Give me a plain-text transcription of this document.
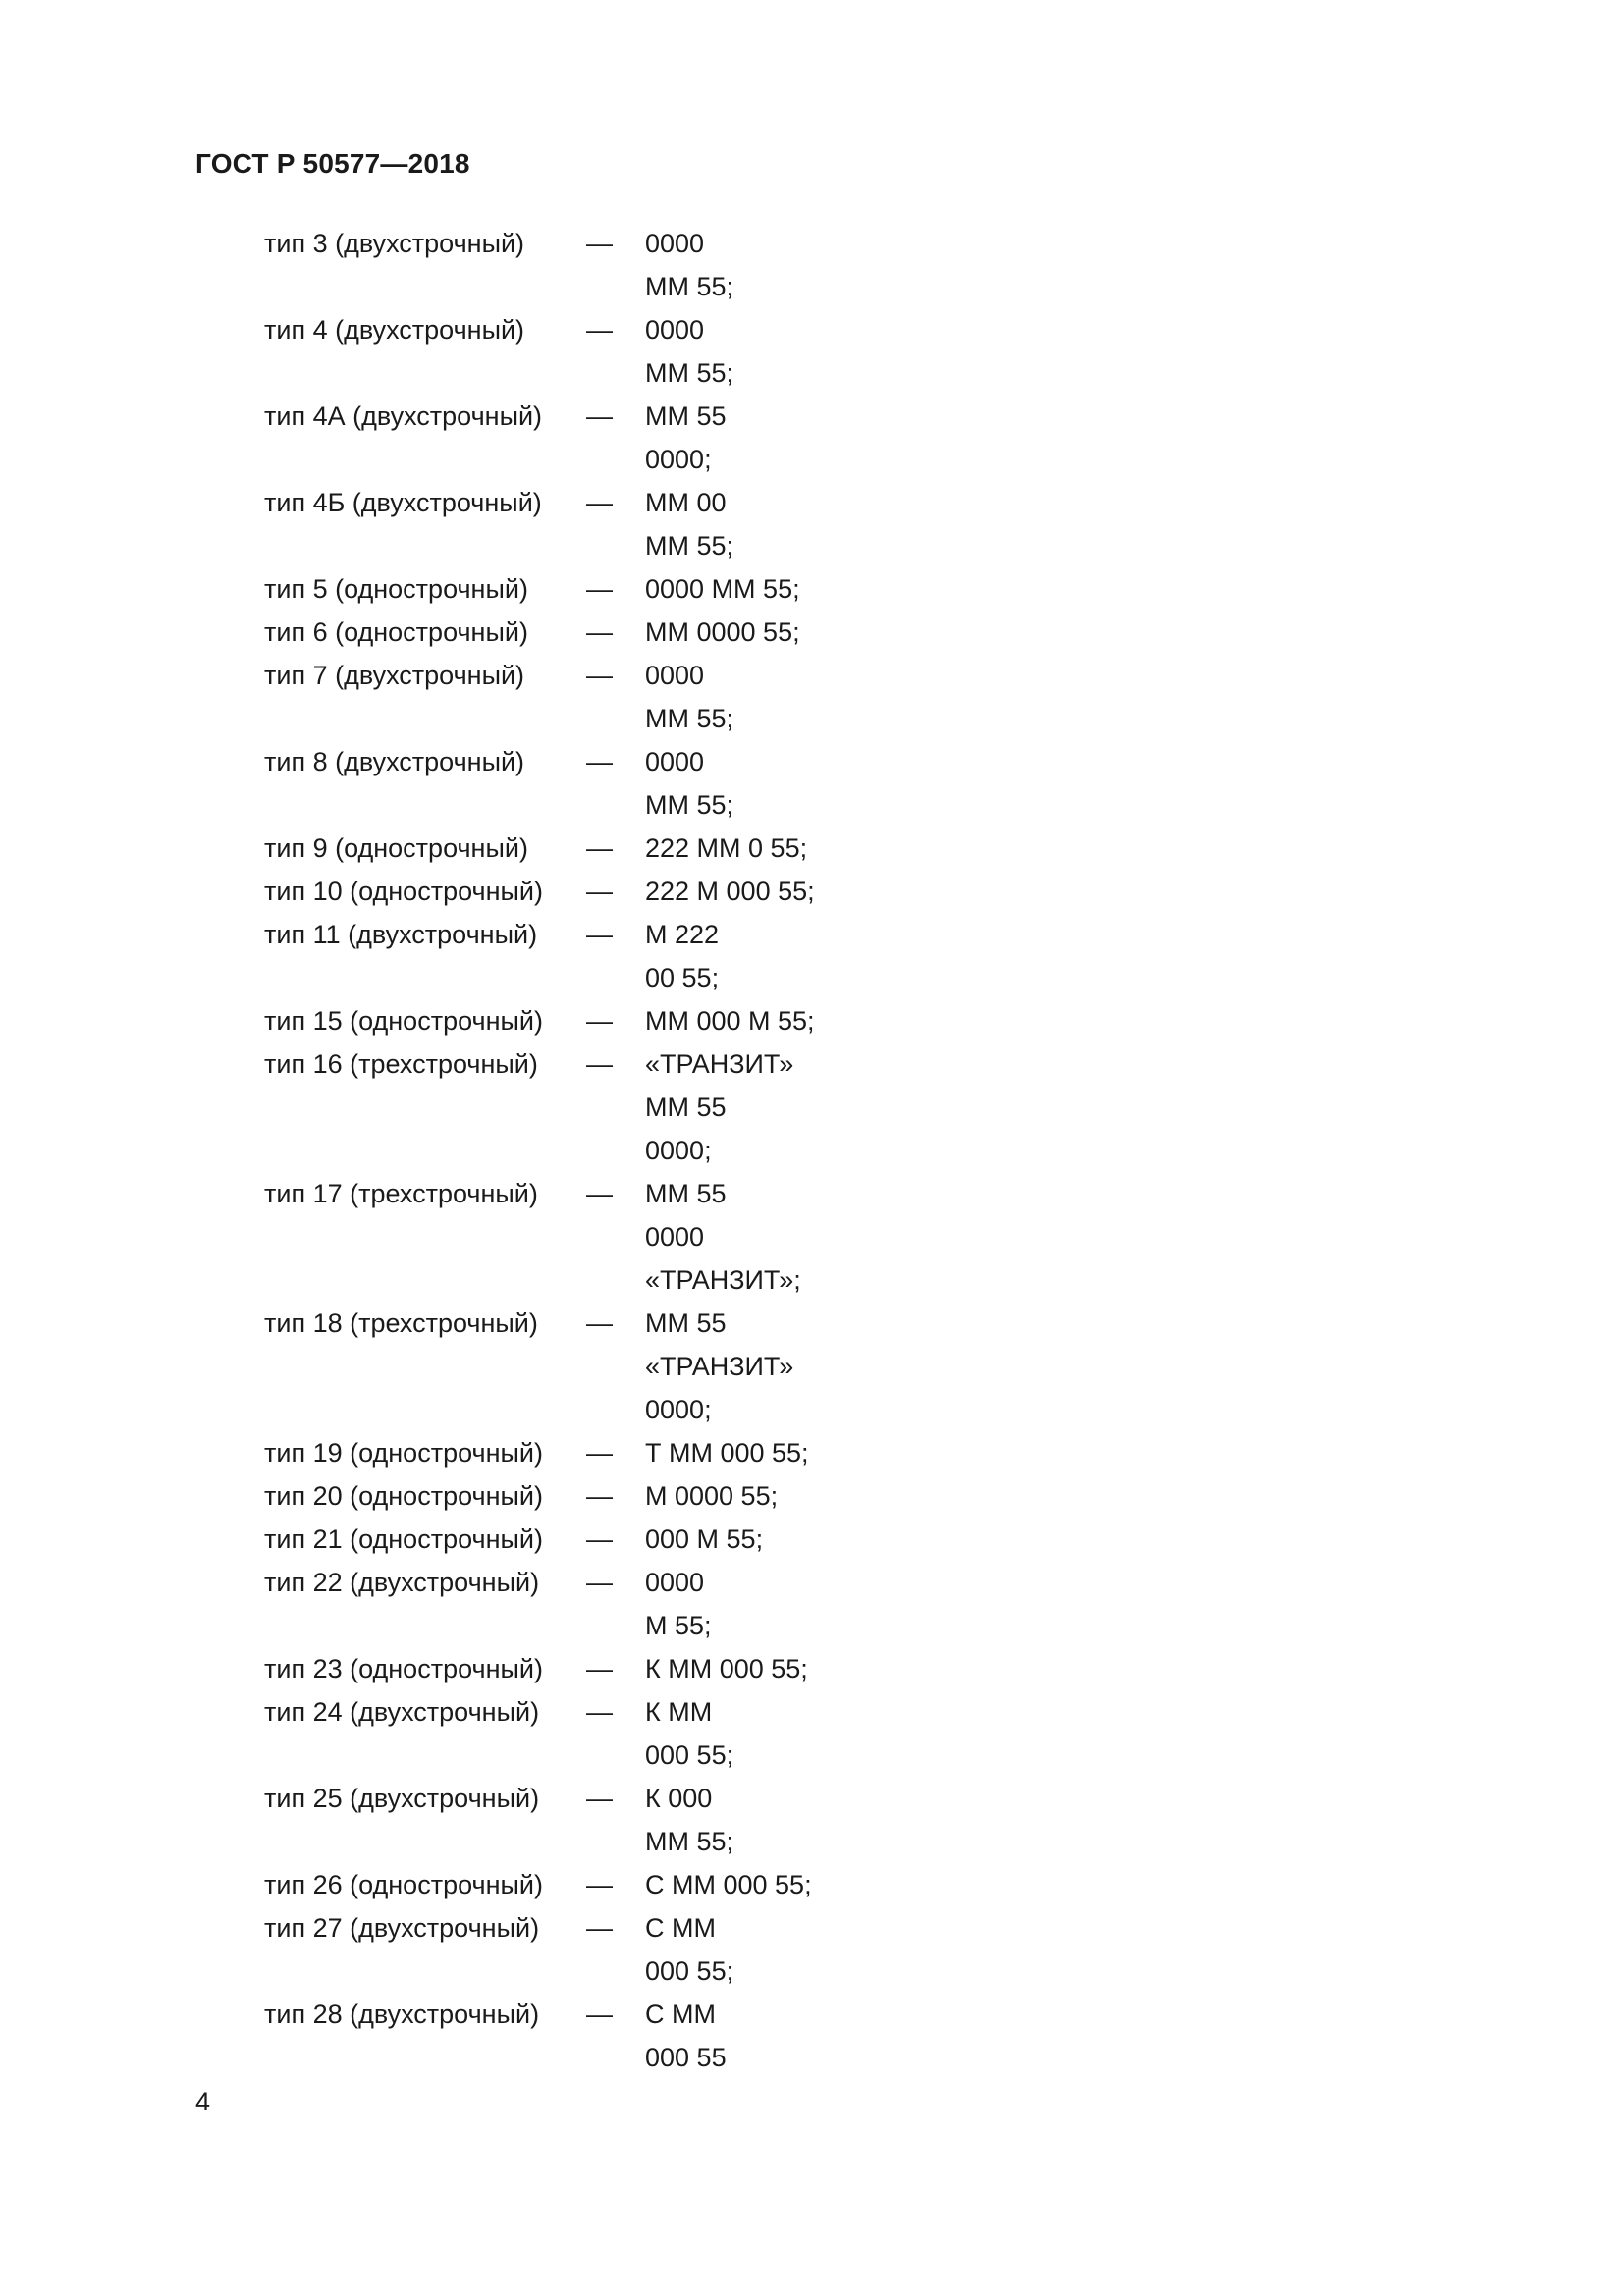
ГОСТ Р 50577—2018
тип 3 (двухстрочный) — 0000
ММ 55;
тип 4 (двухстрочный) — 0000
ММ 55;
тип 4А (двухстрочный) — ММ 55
0000;
тип 4Б (двухстрочный) — ММ 00
ММ 55;
тип 5 (однострочный) — 0000 ММ 55;
тип 6 (однострочный) — ММ 0000 55;
тип 7 (двухстрочный) — 0000
ММ 55;
тип 8 (двухстрочный) — 0000
ММ 55;
тип 9 (однострочный) — 222 ММ 0 55;
тип 10 (однострочный) — 222 М 000 55;
тип 11 (двухстрочный) — М 222
00 55;
тип 15 (однострочный) — ММ 000 М 55;
тип 16 (трехстрочный) — «ТРАНЗИТ»
ММ 55
0000;
тип 17 (трехстрочный) — ММ 55
0000
«ТРАНЗИТ»;
тип 18 (трехстрочный) — ММ 55
«ТРАНЗИТ»
0000;
тип 19 (однострочный) — Т ММ 000 55;
тип 20 (однострочный) — М 0000 55;
тип 21 (однострочный) — 000 М 55;
тип 22 (двухстрочный) — 0000
М 55;
тип 23 (однострочный) — К ММ 000 55;
тип 24 (двухстрочный) — К ММ
000 55;
тип 25 (двухстрочный) — К 000
ММ 55;
тип 26 (однострочный) — С ММ 000 55;
тип 27 (двухстрочный) — С ММ
000 55;
тип 28 (двухстрочный) — С ММ
000 55
4
